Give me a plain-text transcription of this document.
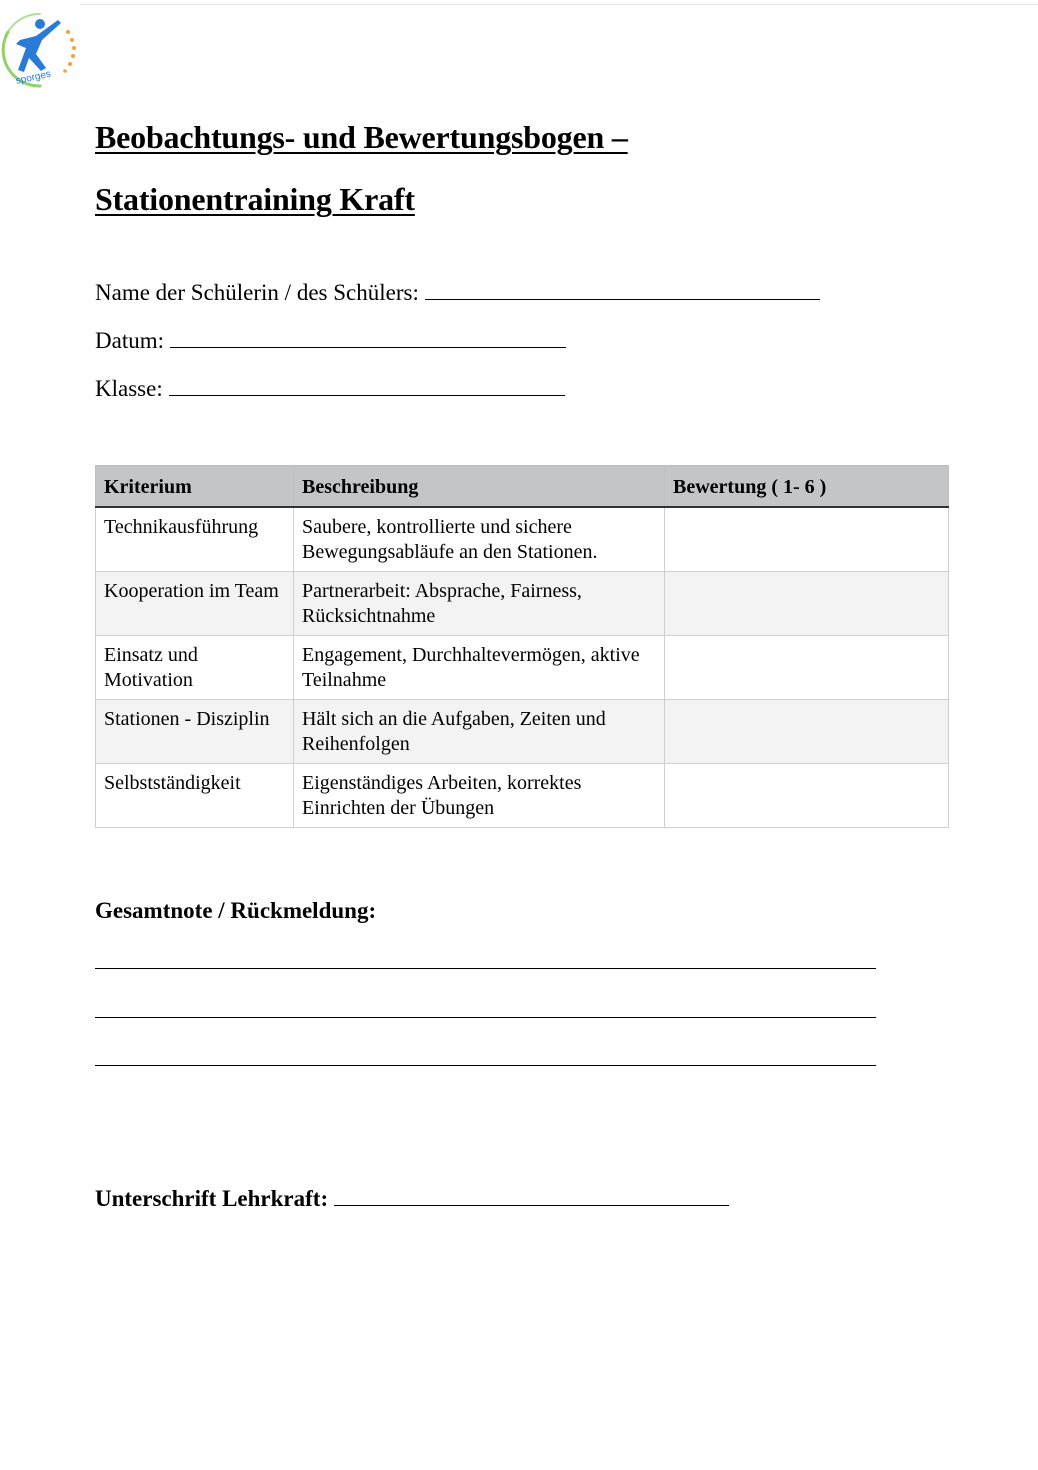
sporges
Beobachtungs- und Bewertungsbogen –
Stationentraining Kraft
Name der Schülerin / des Schülers:
Datum:
Klasse:
Kriterium	Beschreibung	Bewertung ( 1- 6 )
Technikausführung	Saubere, kontrollierte und sichere Bewegungsabläufe an den Stationen.	
Kooperation im Team	Partnerarbeit: Absprache, Fairness, Rücksichtnahme	
Einsatz und Motivation	Engagement, Durchhaltevermögen, aktive Teilnahme	
Stationen - Disziplin	Hält sich an die Aufgaben, Zeiten und Reihenfolgen	
Selbstständigkeit	Eigenständiges Arbeiten, korrektes Einrichten der Übungen	
Gesamtnote / Rückmeldung:
Unterschrift Lehrkraft:
